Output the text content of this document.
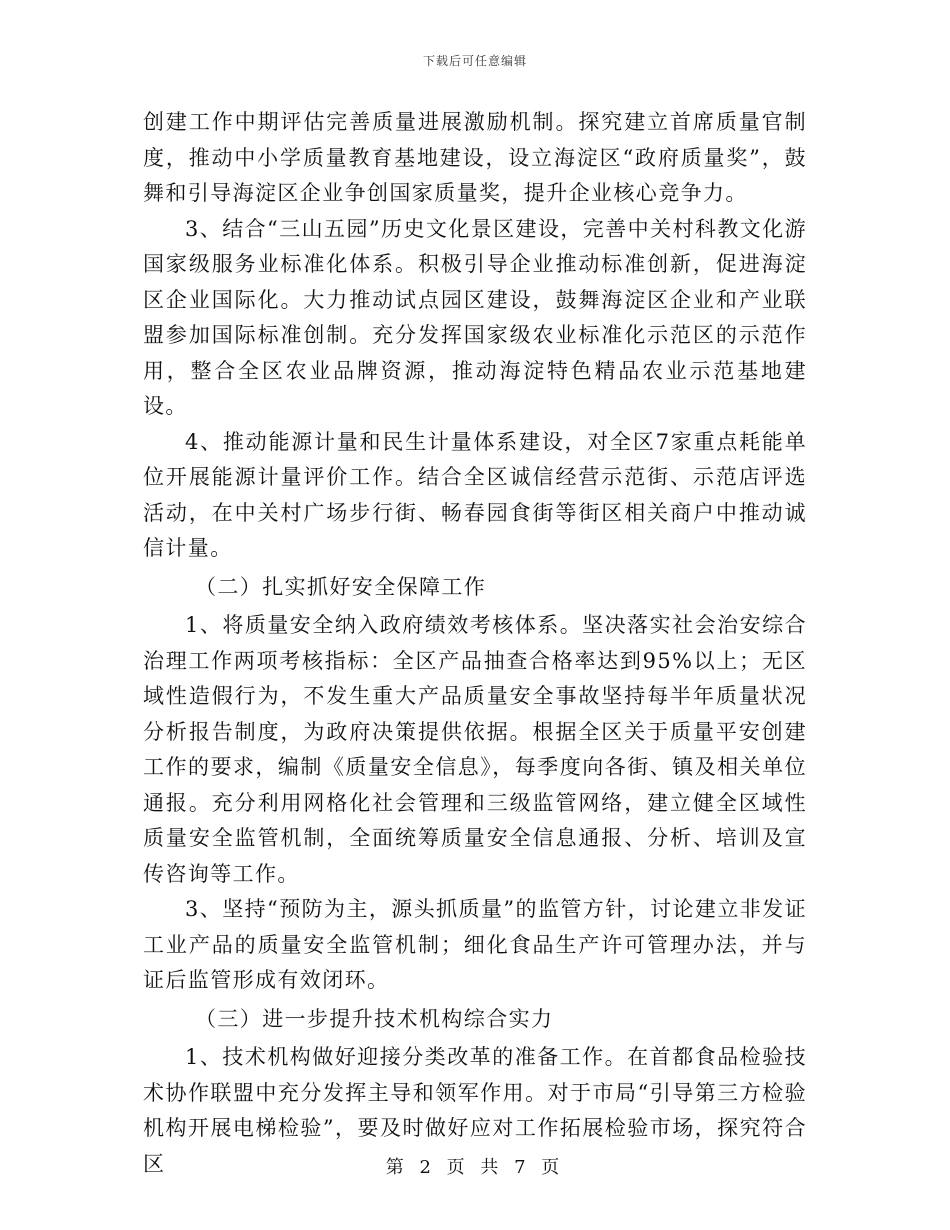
下载后可任意编辑

创建工作中期评估完善质量进展激励机制。探究建立首席质量官制度，推动中小学质量教育基地建设，设立海淀区“政府质量奖”，鼓舞和引导海淀区企业争创国家质量奖，提升企业核心竞争力。

3、结合“三山五园”历史文化景区建设，完善中关村科教文化游国家级服务业标准化体系。积极引导企业推动标准创新，促进海淀区企业国际化。大力推动试点园区建设，鼓舞海淀区企业和产业联盟参加国际标准创制。充分发挥国家级农业标准化示范区的示范作用，整合全区农业品牌资源，推动海淀特色精品农业示范基地建设。

4、推动能源计量和民生计量体系建设，对全区7家重点耗能单位开展能源计量评价工作。结合全区诚信经营示范街、示范店评选活动，在中关村广场步行街、畅春园食街等街区相关商户中推动诚信计量。

（二）扎实抓好安全保障工作

1、将质量安全纳入政府绩效考核体系。坚决落实社会治安综合治理工作两项考核指标：全区产品抽查合格率达到95%以上；无区域性造假行为，不发生重大产品质量安全事故坚持每半年质量状况分析报告制度，为政府决策提供依据。根据全区关于质量平安创建工作的要求，编制《质量安全信息》，每季度向各街、镇及相关单位通报。充分利用网格化社会管理和三级监管网络，建立健全区域性质量安全监管机制，全面统筹质量安全信息通报、分析、培训及宣传咨询等工作。

3、坚持“预防为主，源头抓质量”的监管方针，讨论建立非发证工业产品的质量安全监管机制；细化食品生产许可管理办法，并与证后监管形成有效闭环。

（三）进一步提升技术机构综合实力

1、技术机构做好迎接分类改革的准备工作。在首都食品检验技术协作联盟中充分发挥主导和领军作用。对于市局“引导第三方检验机构开展电梯检验”，要及时做好应对工作拓展检验市场，探究符合区	第 2 页 共 7 页
